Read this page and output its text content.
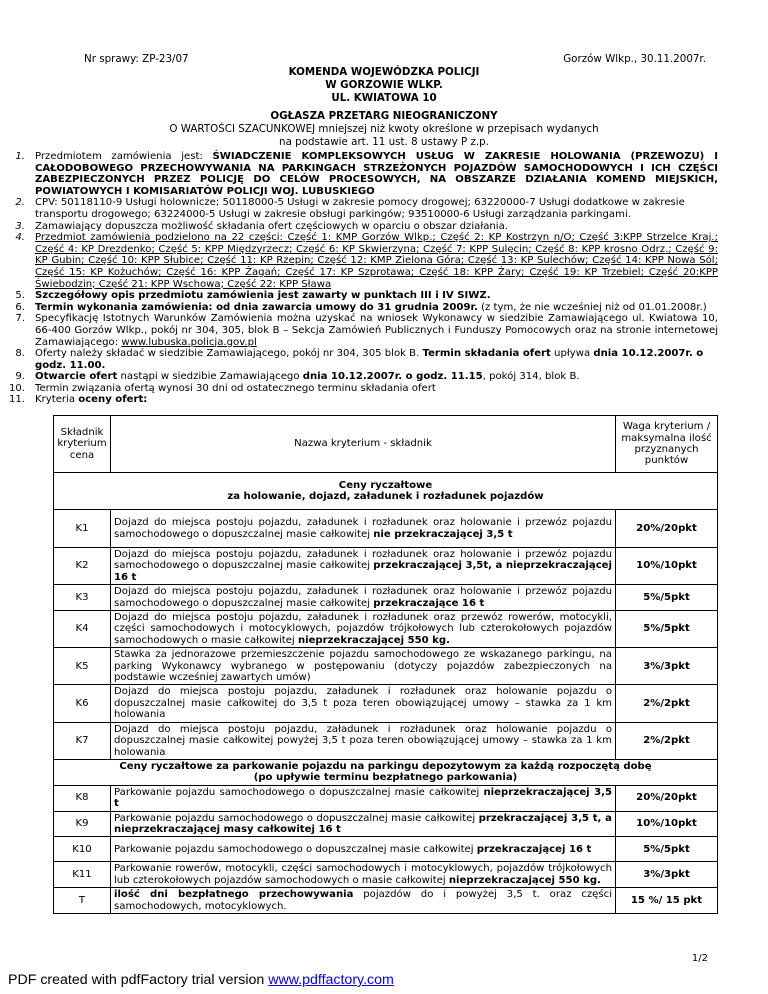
Nr sprawy: ZP-23/07	Gorzów Wlkp., 30.11.2007r.
KOMENDA WOJEWÓDZKA POLICJI
W GORZOWIE WLKP.
UL. KWIATOWA 10
OGŁASZA PRZETARG NIEOGRANICZONY
O WARTOŚCI SZACUNKOWEJ mniejszej niż kwoty określone w przepisach wydanych
na podstawie art. 11 ust. 8 ustawy P z.p.
1. Przedmiotem zamówienia jest: ŚWIADCZENIE KOMPLEKSOWYCH USŁUG W ZAKRESIE HOLOWANIA (PRZEWOZU) I CAŁODOBOWEGO PRZECHOWYWANIA NA PARKINGACH STRZEŻONYCH POJAZDÓW SAMOCHODOWYCH I ICH CZĘŚCI ZABEZPIECZONYCH PRZEZ POLICJĘ DO CELÓW PROCESOWYCH, NA OBSZARZE DZIAŁANIA KOMEND MIEJSKICH, POWIATOWYCH I KOMISARIATÓW POLICJI WOJ. LUBUSKIEGO
2. CPV: 50118110-9 Usługi holownicze; 50118000-5 Usługi w zakresie pomocy drogowej; 63220000-7 Usługi dodatkowe w zakresie transportu drogowego; 63224000-5 Usługi w zakresie obsługi parkingów; 93510000-6 Usługi zarządzania parkingami.
3. Zamawiający dopuszcza możliwość składania ofert częściowych w oparciu o obszar działania.
4. Przedmiot zamówienia podzielono na 22 części: Część 1: KMP Gorzów Wlkp.; Część 2: KP Kostrzyn n/O; Część 3:KPP Strzelce Kraj.; Część 4: KP Drezdenko; Część 5: KPP Międzyrzecz; Część 6: KP Skwierzyna; Część 7: KPP Sulęcin; Część 8: KPP krosno Odrz.; Część 9: KP Gubin; Część 10: KPP Słubice; Część 11: KP Rzepin; Część 12: KMP Zielona Góra; Część 13: KP Sulechów; Część 14: KPP Nowa Sól; Część 15: KP Kożuchów; Część 16: KPP Żagań; Część 17: KP Szprotawa; Część 18: KPP Żary; Część 19: KP Trzebiel; Część 20:KPP Świebodzin; Część 21: KPP Wschowa; Część 22: KPP Sława
5. Szczegółowy opis przedmiotu zamówienia jest zawarty w punktach III i IV SIWZ.
6. Termin wykonania zamówienia: od dnia zawarcia umowy do 31 grudnia 2009r. (z tym, że nie wcześniej niż od 01.01.2008r.)
7. Specyfikację Istotnych Warunków Zamówienia można uzyskać na wniosek Wykonawcy w siedzibie Zamawiającego ul. Kwiatowa 10, 66-400 Gorzów Wlkp., pokój nr 304, 305, blok B – Sekcja Zamówień Publicznych i Funduszy Pomocowych oraz na stronie internetowej Zamawiającego: www.lubuska.policja.gov.pl
8. Oferty należy składać w siedzibie Zamawiającego, pokój nr 304, 305 blok B. Termin składania ofert upływa dnia 10.12.2007r. o godz. 11.00.
9. Otwarcie ofert nastąpi w siedzibie Zamawiającego dnia 10.12.2007r. o godz. 11.15, pokój 314, blok B.
10. Termin związania ofertą wynosi 30 dni od ostatecznego terminu składania ofert
11. Kryteria oceny ofert:
Składnik kryterium cena	Nazwa kryterium - składnik	Waga kryterium / maksymalna ilość przyznanych punktów

Ceny ryczałtowe
za holowanie, dojazd, załadunek i rozładunek pojazdów		

K1	Dojazd do miejsca postoju pojazdu, załadunek i rozładunek oraz holowanie i przewóz pojazdu samochodowego o dopuszczalnej masie całkowitej nie przekraczającej 3,5 t	20%/20pkt
K2	Dojazd do miejsca postoju pojazdu, załadunek i rozładunek oraz holowanie i przewóz pojazdu samochodowego o dopuszczalnej masie całkowitej przekraczającej 3,5t, a nieprzekraczającej 16 t	10%/10pkt
K3	Dojazd do miejsca postoju pojazdu, załadunek i rozładunek oraz holowanie i przewóz pojazdu samochodowego o dopuszczalnej masie całkowitej przekraczające 16 t	5%/5pkt
K4	Dojazd do miejsca postoju pojazdu, załadunek i rozładunek oraz przewóz rowerów, motocykli, części samochodowych i motocyklowych, pojazdów trójkołowych lub czterokołowych pojazdów samochodowych o masie całkowitej nieprzekraczającej 550 kg.	5%/5pkt
K5	Stawka za jednorazowe przemieszczenie pojazdu samochodowego ze wskazanego parkingu, na parking Wykonawcy wybranego w postępowaniu (dotyczy pojazdów zabezpieczonych na podstawie wcześniej zawartych umów)	3%/3pkt
K6	Dojazd do miejsca postoju pojazdu, załadunek i rozładunek oraz holowanie pojazdu o dopuszczalnej masie całkowitej do 3,5 t poza teren obowiązującej umowy – stawka za 1 km holowania	2%/2pkt
K7	Dojazd do miejsca postoju pojazdu, załadunek i rozładunek oraz holowanie pojazdu o dopuszczalnej masie całkowitej powyżej 3,5 t poza teren obowiązującej umowy – stawka za 1 km holowania	2%/2pkt

Ceny ryczałtowe za parkowanie pojazdu na parkingu depozytowym za każdą rozpoczętą dobę
(po upływie terminu bezpłatnego parkowania)		

K8	Parkowanie pojazdu samochodowego o dopuszczalnej masie całkowitej nieprzekraczającej 3,5 t	20%/20pkt
K9	Parkowanie pojazdu samochodowego o dopuszczalnej masie całkowitej przekraczającej 3,5 t, a nieprzekraczającej masy całkowitej 16 t	10%/10pkt
K10	Parkowanie pojazdu samochodowego o dopuszczalnej masie całkowitej przekraczającej 16 t	5%/5pkt
K11	Parkowanie rowerów, motocykli, części samochodowych i motocyklowych, pojazdów trójkołowych lub czterokołowych pojazdów samochodowych o masie całkowitej nieprzekraczającej 550 kg.	3%/3pkt
T	ilość dni bezpłatnego przechowywania pojazdów do i powyżej 3,5 t. oraz części samochodowych, motocyklowych.	15 %/ 15 pkt
1/2
PDF created with pdfFactory trial version www.pdffactory.com
